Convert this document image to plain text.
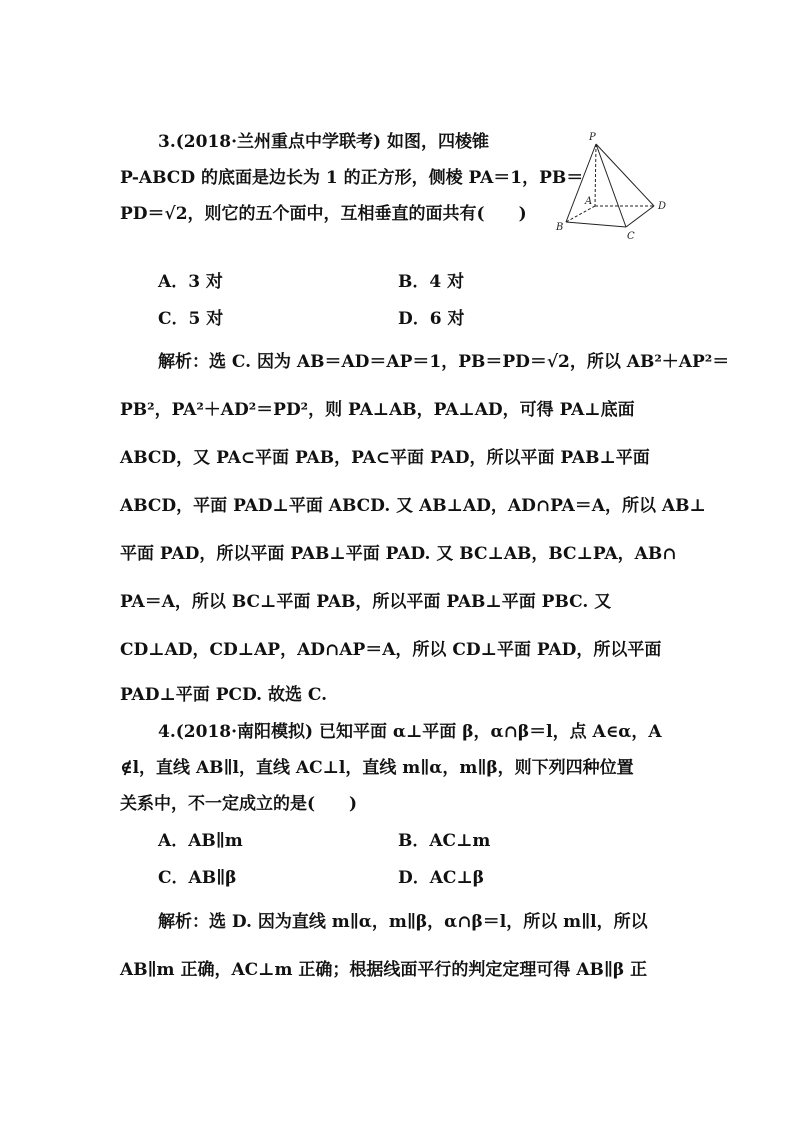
3.(2018·兰州重点中学联考) 如图，四棱锥
P-ABCD 的底面是边长为 1 的正方形，侧棱 PA＝1，PB＝
PD＝√2，则它的五个面中，互相垂直的面共有(　　)
P
A
B
C
D
A．3 对	B．4 对
C．5 对	D．6 对
解析：选 C. 因为 AB＝AD＝AP＝1，PB＝PD＝√2，所以 AB²＋AP²＝
PB²，PA²＋AD²＝PD²，则 PA⊥AB，PA⊥AD，可得 PA⊥底面
ABCD，又 PA⊂平面 PAB，PA⊂平面 PAD，所以平面 PAB⊥平面
ABCD，平面 PAD⊥平面 ABCD. 又 AB⊥AD，AD∩PA＝A，所以 AB⊥
平面 PAD，所以平面 PAB⊥平面 PAD. 又 BC⊥AB，BC⊥PA，AB∩
PA＝A，所以 BC⊥平面 PAB，所以平面 PAB⊥平面 PBC. 又
CD⊥AD，CD⊥AP，AD∩AP＝A，所以 CD⊥平面 PAD，所以平面
PAD⊥平面 PCD. 故选 C.
4.(2018·南阳模拟) 已知平面 α⊥平面 β，α∩β＝l，点 A∈α，A
∉l，直线 AB∥l，直线 AC⊥l，直线 m∥α，m∥β，则下列四种位置
关系中，不一定成立的是(　　)
A．AB∥m	B．AC⊥m
C．AB∥β	D．AC⊥β
解析：选 D. 因为直线 m∥α，m∥β，α∩β＝l，所以 m∥l，所以
AB∥m 正确，AC⊥m 正确；根据线面平行的判定定理可得 AB∥β 正
